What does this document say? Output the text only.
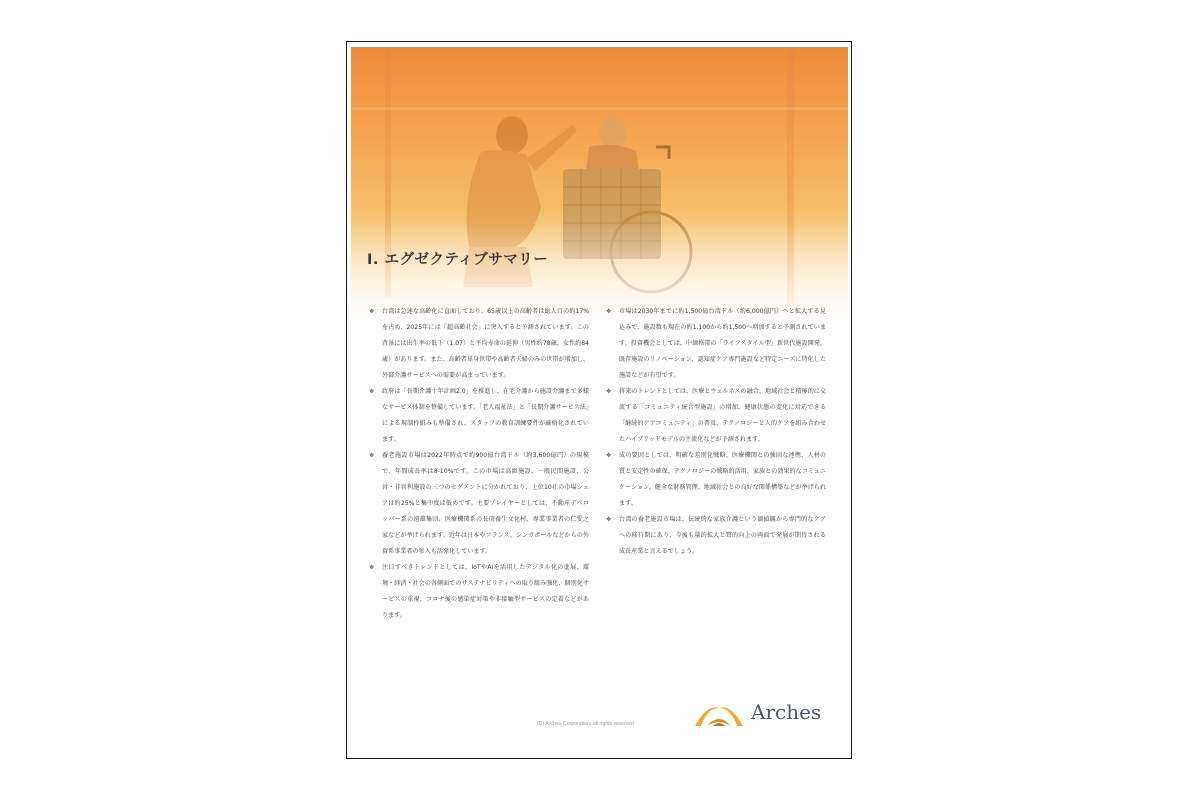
I. エグゼクティブサマリー
❖ 台湾は急速な高齢化に直面しており、65歳以上の高齢者は総人口の約17%を占め、2025年には「超高齢社会」に突入すると予測されています。この背景には出生率の低下（1.07）と平均寿命の延伸（男性約78歳、女性約84歳）があります。また、高齢者単身世帯や高齢者夫婦のみの世帯が増加し、外部介護サービスへの需要が高まっています。
❖ 政府は「長期介護十年計画2.0」を推進し、在宅介護から施設介護まで多様なサービス体制を整備しています。「老人福祉法」と「長期介護サービス法」による規制枠組みも整備され、スタッフの教育訓練要件が厳格化されています。
❖ 養老施設市場は2022年時点で約900億台湾ドル（約3,600億円）の規模で、年間成長率は8-10%です。この市場は高級施設、一般民間施設、公営・非営利施設の三つのセグメントに分かれており、上位10社の市場シェアは約25%と集中度は低めです。主要プレイヤーとしては、不動産デベロッパー系の遠雄集団、医療機関系の長庚養生文化村、専業事業者の仁愛之家などが挙げられます。近年は日本やフランス、シンガポールなどからの外資系事業者の参入も活発化しています。
❖ 注目すべきトレンドとしては、IoTやAIを活用したデジタル化の進展、環境・経済・社会の各側面でのサステナビリティへの取り組み強化、個別化サービスの重視、コロナ後の感染症対策や非接触型サービスの定着などがあります。
❖ 市場は2030年までに約1,500億台湾ドル（約6,000億円）へと拡大する見込みで、施設数も現在の約1,100から約1,500へ増加すると予測されています。投資機会としては、中価格帯の「ライフスタイル型」新世代施設開発、既存施設のリノベーション、認知症ケア専門施設など特定ニーズに特化した施設などが有望です。
❖ 将来のトレンドとしては、医療とウェルネスの融合、地域社会と積極的に交流する「コミュニティ統合型施設」の増加、健康状態の変化に対応できる「継続的ケアコミュニティ」の普及、テクノロジーと人的ケアを組み合わせたハイブリッドモデルの主流化などが予測されます。
❖ 成功要因としては、明確な差別化戦略、医療機関との強固な連携、人材の質と安定性の確保、テクノロジーの戦略的活用、家族との効果的なコミュニケーション、健全な財務管理、地域社会との良好な関係構築などが挙げられます。
❖ 台湾の養老施設市場は、伝統的な家族介護という価値観から専門的なケアへの移行期にあり、今後も量的拡大と質的向上の両面で発展が期待される成長産業と言えるでしょう。
(C) Arches Corporation, all rights reserved	Arches
